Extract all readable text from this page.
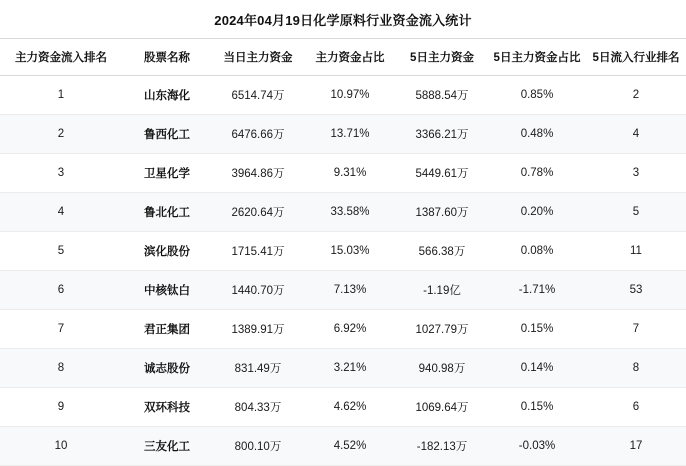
2024年04月19日化学原料行业资金流入统计
主力资金流入排名	股票名称	当日主力资金	主力资金占比	5日主力资金	5日主力资金占比	5日流入行业排名
1	山东海化	6514.74万	10.97%	5888.54万	0.85%	2
2	鲁西化工	6476.66万	13.71%	3366.21万	0.48%	4
3	卫星化学	3964.86万	9.31%	5449.61万	0.78%	3
4	鲁北化工	2620.64万	33.58%	1387.60万	0.20%	5
5	滨化股份	1715.41万	15.03%	566.38万	0.08%	11
6	中核钛白	1440.70万	7.13%	-1.19亿	-1.71%	53
7	君正集团	1389.91万	6.92%	1027.79万	0.15%	7
8	诚志股份	831.49万	3.21%	940.98万	0.14%	8
9	双环科技	804.33万	4.62%	1069.64万	0.15%	6
10	三友化工	800.10万	4.52%	-182.13万	-0.03%	17
